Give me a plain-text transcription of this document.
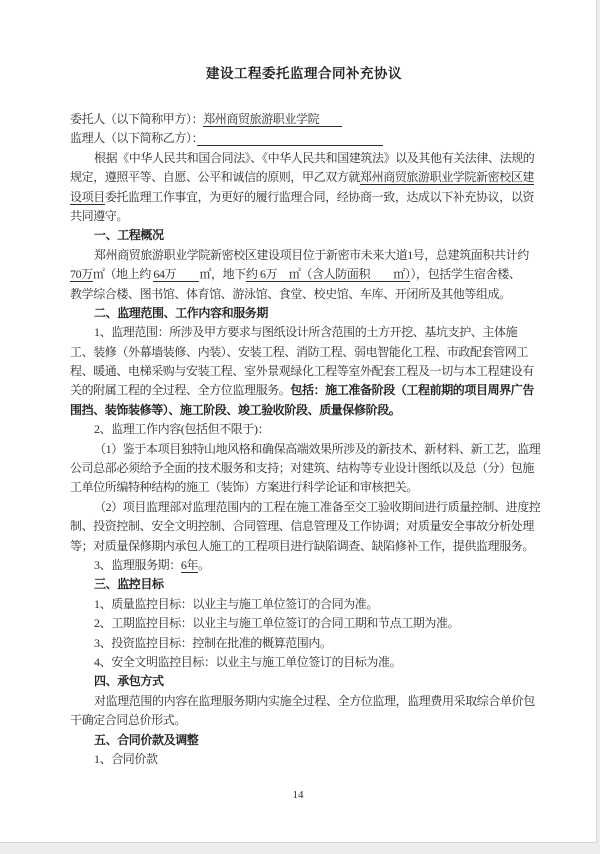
建设工程委托监理合同补充协议
委托人（以下简称甲方）：郑州商贸旅游职业学院　　
监理人（以下简称乙方）：　　　　　　　　　　　　　　　　
根据《中华人民共和国合同法》、《中华人民共和国建筑法》以及其他有关法律、法规的
规定，遵照平等、自愿、公平和诚信的原则，甲乙双方就郑州商贸旅游职业学院新密校区建
设项目委托监理工作事宜，为更好的履行监理合同，经协商一致，达成以下补充协议，以资
共同遵守。
一、工程概况
郑州商贸旅游职业学院新密校区建设项目位于新密市未来大道1号，总建筑面积共计约
70万㎡（地上约 64万　　㎡，地下约 6万　㎡（含人防面积　　㎡）），包括学生宿舍楼、
教学综合楼、图书馆、体育馆、游泳馆、食堂、校史馆、车库、开闭所及其他等组成。
二、监理范围、工作内容和服务期
1、监理范围：所涉及甲方要求与图纸设计所含范围的土方开挖、基坑支护、主体施
工、装修（外幕墙装修、内装）、安装工程、消防工程、弱电智能化工程、市政配套管网工
程、暖通、电梯采购与安装工程、室外景观绿化工程等室外配套工程及一切与本工程建设有
关的附属工程的全过程、全方位监理服务。包括：施工准备阶段（工程前期的项目周界广告
围挡、装饰装修等）、施工阶段、竣工验收阶段、质量保修阶段。
2、监理工作内容(包括但不限于)：
（1）鉴于本项目独特山地风格和确保高端效果所涉及的新技术、新材料、新工艺，监理
公司总部必须给予全面的技术服务和支持；对建筑、结构等专业设计图纸以及总（分）包施
工单位所编特种结构的施工（装饰）方案进行科学论证和审核把关。
（2）项目监理部对监理范围内的工程在施工准备至交工验收期间进行质量控制、进度控
制、投资控制、安全文明控制、合同管理、信息管理及工作协调；对质量安全事故分析处理
等；对质量保修期内承包人施工的工程项目进行缺陷调查、缺陷修补工作，提供监理服务。
3、监理服务期：6年。
三、监控目标
1、质量监控目标：以业主与施工单位签订的合同为准。
2、工期监控目标：以业主与施工单位签订的合同工期和节点工期为准。
3、投资监控目标：控制在批准的概算范围内。
4、安全文明监控目标：以业主与施工单位签订的目标为准。
四、承包方式
对监理范围的内容在监理服务期内实施全过程、全方位监理，监理费用采取综合单价包
干确定合同总价形式。
五、合同价款及调整
1、合同价款
14
